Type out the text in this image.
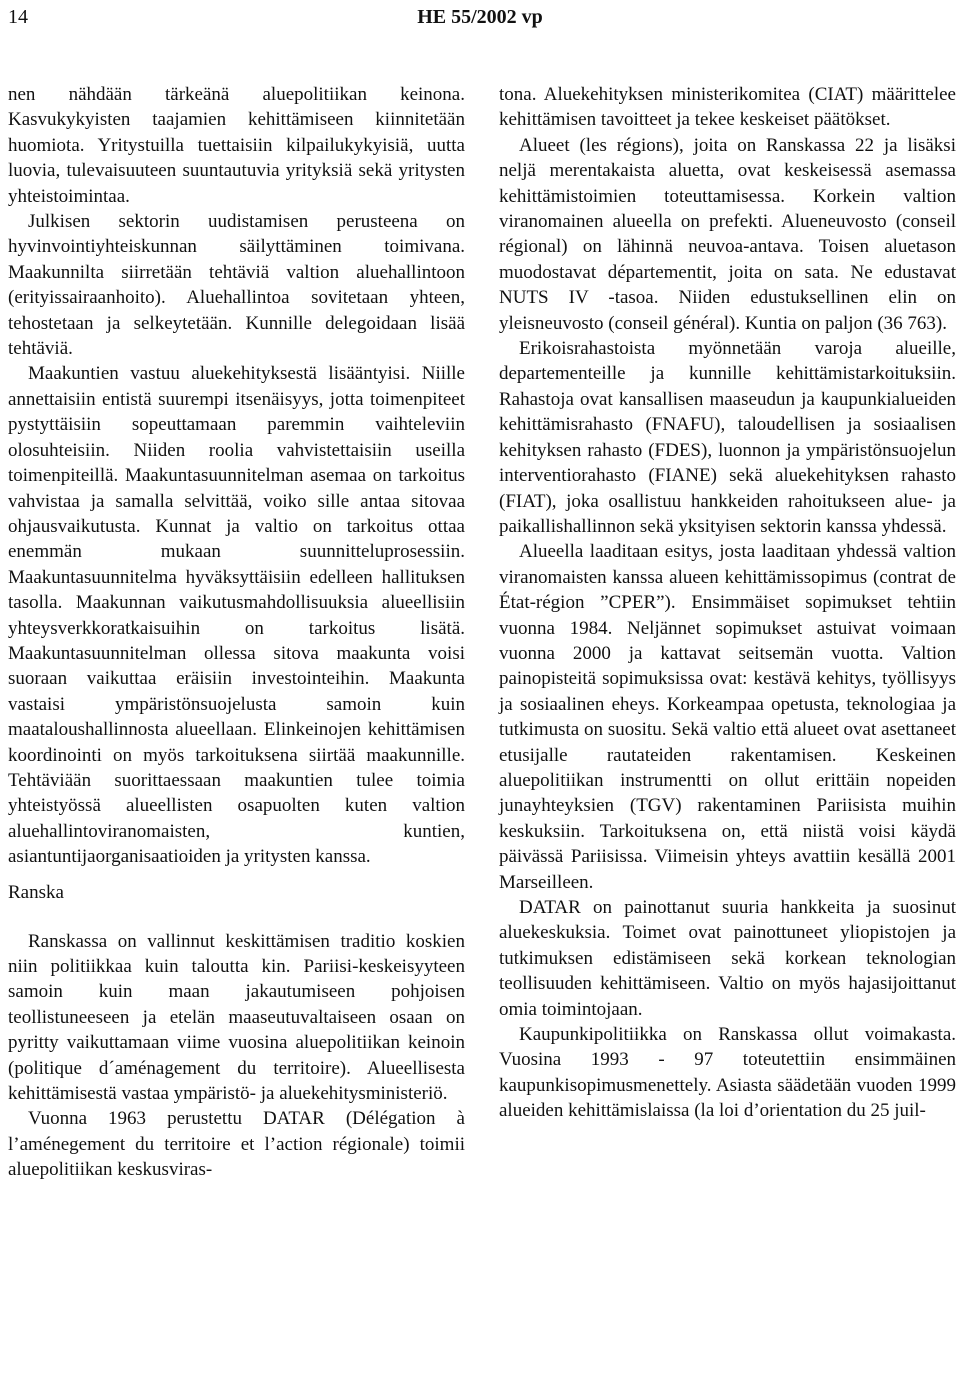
14	HE 55/2002 vp

nen nähdään tärkeänä aluepolitiikan keinona. Kasvukykyisten taajamien kehittämiseen kiinnitetään huomiota. Yritystuilla tuettaisiin kilpailukykyisiä, uutta luovia, tulevaisuuteen suuntautuvia yrityksiä sekä yritysten yhteistoimintaa.

Julkisen sektorin uudistamisen perusteena on hyvinvointiyhteiskunnan säilyttäminen toimivana. Maakunnilta siirretään tehtäviä valtion aluehallintoon (erityissairaanhoito). Aluehallintoa sovitetaan yhteen, tehostetaan ja selkeytetään. Kunnille delegoidaan lisää tehtäviä.

Maakuntien vastuu aluekehityksestä lisääntyisi. Niille annettaisiin entistä suurempi itsenäisyys, jotta toimenpiteet pystyttäisiin sopeuttamaan paremmin vaihteleviin olosuhteisiin. Niiden roolia vahvistettaisiin useilla toimenpiteillä. Maakuntasuunnitelman asemaa on tarkoitus vahvistaa ja samalla selvittää, voiko sille antaa sitovaa ohjausvaikutusta. Kunnat ja valtio on tarkoitus ottaa enemmän mukaan suunnitteluprosessiin. Maakuntasuunnitelma hyväksyttäisiin edelleen hallituksen tasolla. Maakunnan vaikutusmahdollisuuksia alueellisiin yhteysverkkoratkaisuihin on tarkoitus lisätä. Maakuntasuunnitelman ollessa sitova maakunta voisi suoraan vaikuttaa eräisiin investointeihin. Maakunta vastaisi ympäristönsuojelusta samoin kuin maataloushallinnosta alueellaan. Elinkeinojen kehittämisen koordinointi on myös tarkoituksena siirtää maakunnille. Tehtäviään suorittaessaan maakuntien tulee toimia yhteistyössä alueellisten osapuolten kuten valtion aluehallintoviranomaisten, kuntien, asiantuntijaorganisaatioiden ja yritysten kanssa.

Ranska

Ranskassa on vallinnut keskittämisen traditio koskien niin politiikkaa kuin taloutta kin. Pariisi-keskeisyyteen samoin kuin maan jakautumiseen pohjoisen teollistuneeseen ja etelän maaseutuvaltaiseen osaan on pyritty vaikuttamaan viime vuosina aluepolitiikan keinoin (politique d´aménagement du territoire). Alueellisesta kehittämisestä vastaa ympäristö- ja aluekehitysministeriö.

Vuonna 1963 perustettu DATAR (Délégation à l’aménegement du territoire et l’action régionale) toimii aluepolitiikan keskusviras-

tona. Aluekehityksen ministerikomitea (CIAT) määrittelee kehittämisen tavoitteet ja tekee keskeiset päätökset.

Alueet (les régions), joita on Ranskassa 22 ja lisäksi neljä merentakaista aluetta, ovat keskeisessä asemassa kehittämistoimien toteuttamisessa. Korkein valtion viranomainen alueella on prefekti. Alueneuvosto (conseil régional) on lähinnä neuvoa-antava. Toisen aluetason muodostavat départementit, joita on sata. Ne edustavat NUTS IV -tasoa. Niiden edustuksellinen elin on yleisneuvosto (conseil général). Kuntia on paljon (36 763).

Erikoisrahastoista myönnetään varoja alueille, departementeille ja kunnille kehittämistarkoituksiin. Rahastoja ovat kansallisen maaseudun ja kaupunkialueiden kehittämisrahasto (FNAFU), taloudellisen ja sosiaalisen kehityksen rahasto (FDES), luonnon ja ympäristönsuojelun interventiorahasto (FIANE) sekä aluekehityksen rahasto (FIAT), joka osallistuu hankkeiden rahoitukseen alue- ja paikallishallinnon sekä yksityisen sektorin kanssa yhdessä.

Alueella laaditaan esitys, josta laaditaan yhdessä valtion viranomaisten kanssa alueen kehittämissopimus (contrat de État-région ”CPER”). Ensimmäiset sopimukset tehtiin vuonna 1984. Neljännet sopimukset astuivat voimaan vuonna 2000 ja kattavat seitsemän vuotta. Valtion painopisteitä sopimuksissa ovat: kestävä kehitys, työllisyys ja sosiaalinen eheys. Korkeampaa opetusta, teknologiaa ja tutkimusta on suositu. Sekä valtio että alueet ovat asettaneet etusijalle rautateiden rakentamisen. Keskeinen aluepolitiikan instrumentti on ollut erittäin nopeiden junayhteyksien (TGV) rakentaminen Pariisista muihin keskuksiin. Tarkoituksena on, että niistä voisi käydä päivässä Pariisissa. Viimeisin yhteys avattiin kesällä 2001 Marseilleen.

DATAR on painottanut suuria hankkeita ja suosinut aluekeskuksia. Toimet ovat painottuneet yliopistojen ja tutkimuksen edistämiseen sekä korkean teknologian teollisuuden kehittämiseen. Valtio on myös hajasijoittanut omia toimintojaan.

Kaupunkipolitiikka on Ranskassa ollut voimakasta. Vuosina 1993 - 97 toteutettiin ensimmäinen kaupunkisopimusmenettely. Asiasta säädetään vuoden 1999 alueiden kehittämislaissa (la loi d’orientation du 25 juil-
